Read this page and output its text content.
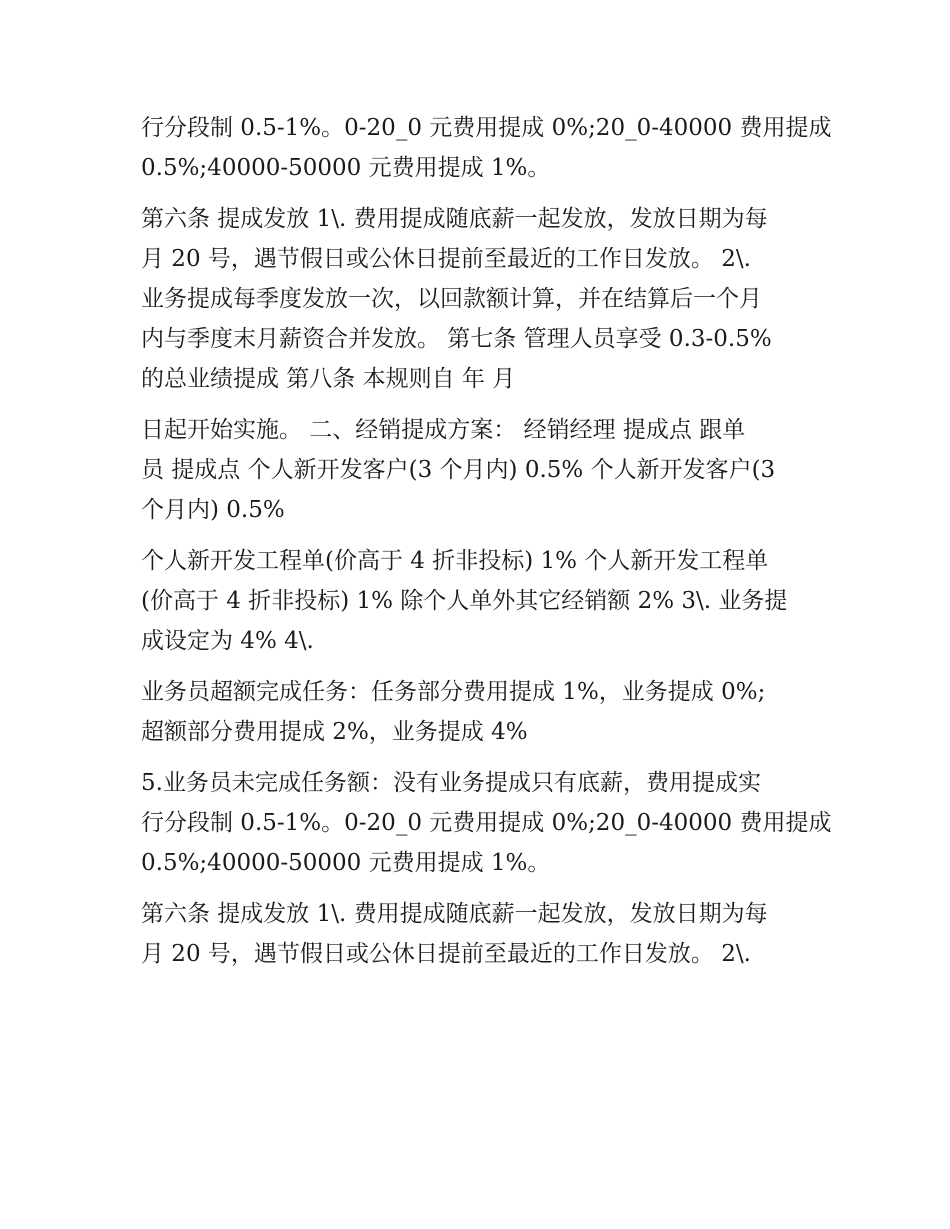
行分段制 0.5-1%。0-20_0 元费用提成 0%;20_0-40000 费用提成
0.5%;40000-50000 元费用提成 1%。
第六条 提成发放 1\. 费用提成随底薪一起发放，发放日期为每
月 20 号，遇节假日或公休日提前至最近的工作日发放。 2\.
业务提成每季度发放一次，以回款额计算，并在结算后一个月
内与季度末月薪资合并发放。 第七条 管理人员享受 0.3-0.5%
的总业绩提成 第八条 本规则自 年 月
日起开始实施。 二、经销提成方案： 经销经理 提成点 跟单
员 提成点 个人新开发客户(3 个月内) 0.5% 个人新开发客户(3
个月内) 0.5%
个人新开发工程单(价高于 4 折非投标) 1% 个人新开发工程单
(价高于 4 折非投标) 1% 除个人单外其它经销额 2% 3\. 业务提
成设定为 4% 4\.
业务员超额完成任务：任务部分费用提成 1%，业务提成 0%;
超额部分费用提成 2%，业务提成 4%
5.业务员未完成任务额：没有业务提成只有底薪，费用提成实
行分段制 0.5-1%。0-20_0 元费用提成 0%;20_0-40000 费用提成
0.5%;40000-50000 元费用提成 1%。
第六条 提成发放 1\. 费用提成随底薪一起发放，发放日期为每
月 20 号，遇节假日或公休日提前至最近的工作日发放。 2\.
